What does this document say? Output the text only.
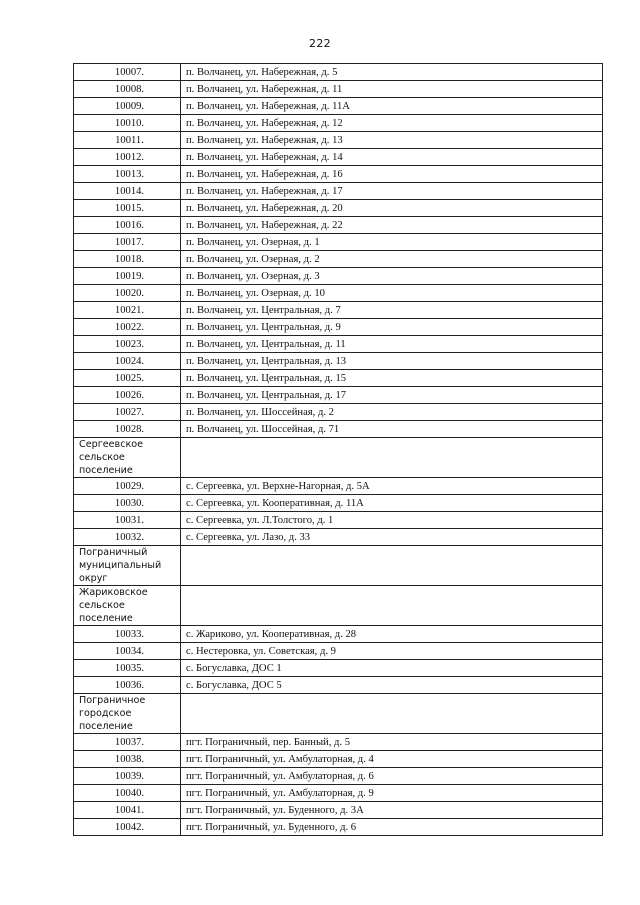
222
10007.	п. Волчанец, ул. Набережная, д. 5
10008.	п. Волчанец, ул. Набережная, д. 11
10009.	п. Волчанец, ул. Набережная, д. 11А
10010.	п. Волчанец, ул. Набережная, д. 12
10011.	п. Волчанец, ул. Набережная, д. 13
10012.	п. Волчанец, ул. Набережная, д. 14
10013.	п. Волчанец, ул. Набережная, д. 16
10014.	п. Волчанец, ул. Набережная, д. 17
10015.	п. Волчанец, ул. Набережная, д. 20
10016.	п. Волчанец, ул. Набережная, д. 22
10017.	п. Волчанец, ул. Озерная, д. 1
10018.	п. Волчанец, ул. Озерная, д. 2
10019.	п. Волчанец, ул. Озерная, д. 3
10020.	п. Волчанец, ул. Озерная, д. 10
10021.	п. Волчанец, ул. Центральная, д. 7
10022.	п. Волчанец, ул. Центральная, д. 9
10023.	п. Волчанец, ул. Центральная, д. 11
10024.	п. Волчанец, ул. Центральная, д. 13
10025.	п. Волчанец, ул. Центральная, д. 15
10026.	п. Волчанец, ул. Центральная, д. 17
10027.	п. Волчанец, ул. Шоссейная, д. 2
10028.	п. Волчанец, ул. Шоссейная, д. 71

Сергеевское
сельское
поселение	

10029.	с. Сергеевка, ул. Верхне-Нагорная, д. 5А
10030.	с. Сергеевка, ул. Кооперативная, д. 11А
10031.	с. Сергеевка, ул. Л.Толстого, д. 1
10032.	с. Сергеевка, ул. Лазо, д. 33

Пограничный
муниципальный
округ	

Жариковское
сельское
поселение	

10033.	с. Жариково, ул. Кооперативная, д. 28
10034.	с. Нестеровка, ул. Советская, д. 9
10035.	с. Богуславка, ДОС 1
10036.	с. Богуславка, ДОС 5

Пограничное
городское
поселение	

10037.	пгт. Пограничный, пер. Банный, д. 5
10038.	пгт. Пограничный, ул. Амбулаторная, д. 4
10039.	пгт. Пограничный, ул. Амбулаторная, д. 6
10040.	пгт. Пограничный, ул. Амбулаторная, д. 9
10041.	пгт. Пограничный, ул. Буденного, д. 3А
10042.	пгт. Пограничный, ул. Буденного, д. 6
